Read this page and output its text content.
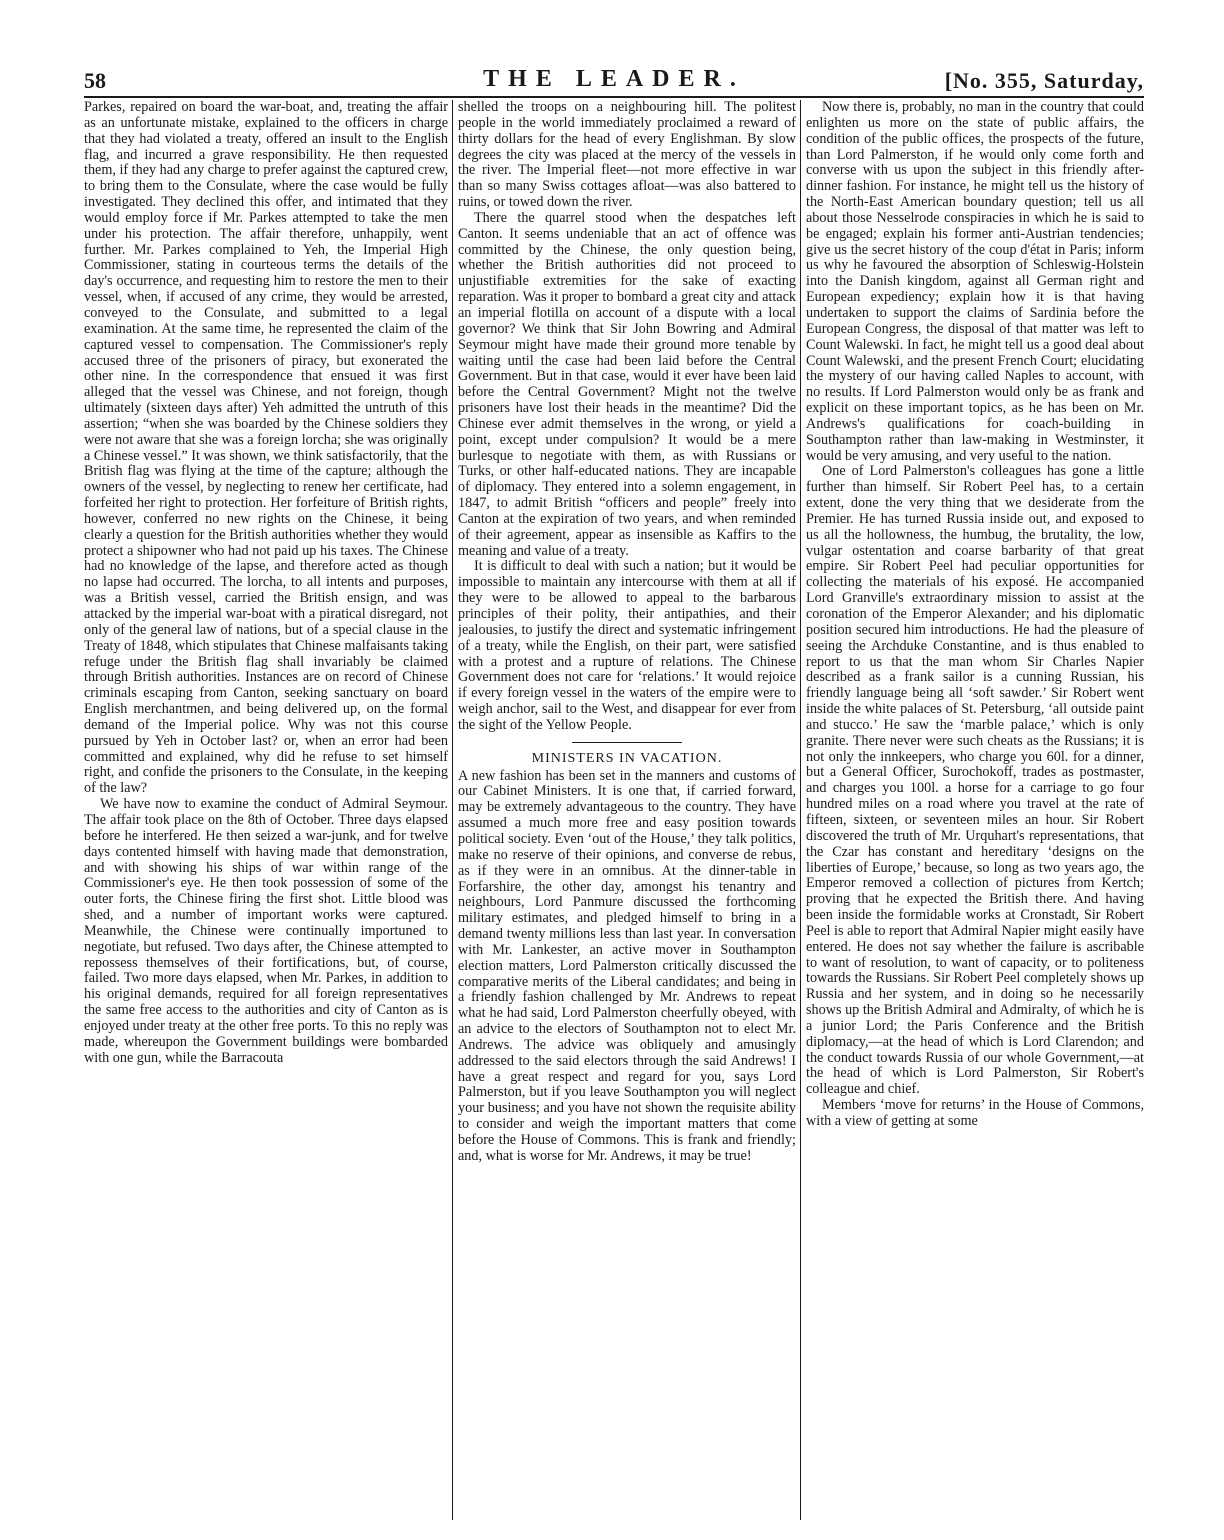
58	THE LEADER.	[No. 355, Saturday,

Parkes, repaired on board the war-boat, and, treating the affair as an unfortunate mistake, explained to the officers in charge that they had violated a treaty, offered an insult to the English flag, and incurred a grave responsibility. He then requested them, if they had any charge to prefer against the captured crew, to bring them to the Consulate, where the case would be fully investigated. They declined this offer, and intimated that they would employ force if Mr. Parkes attempted to take the men under his protection. The affair therefore, unhappily, went further. Mr. Parkes complained to Yeh, the Imperial High Commissioner, stating in courteous terms the details of the day's occurrence, and requesting him to restore the men to their vessel, when, if accused of any crime, they would be arrested, conveyed to the Consulate, and submitted to a legal examination. At the same time, he represented the claim of the captured vessel to compensation. The Commissioner's reply accused three of the prisoners of piracy, but exonerated the other nine. In the correspondence that ensued it was first alleged that the vessel was Chinese, and not foreign, though ultimately (sixteen days after) Yeh admitted the untruth of this assertion; “when she was boarded by the Chinese soldiers they were not aware that she was a foreign lorcha; she was originally a Chinese vessel.” It was shown, we think satisfactorily, that the British flag was flying at the time of the capture; although the owners of the vessel, by neglecting to renew her certificate, had forfeited her right to protection. Her forfeiture of British rights, however, conferred no new rights on the Chinese, it being clearly a question for the British authorities whether they would protect a shipowner who had not paid up his taxes. The Chinese had no knowledge of the lapse, and therefore acted as though no lapse had occurred. The lorcha, to all intents and purposes, was a British vessel, carried the British ensign, and was attacked by the imperial war-boat with a piratical disregard, not only of the general law of nations, but of a special clause in the Treaty of 1848, which stipulates that Chinese malfaisants taking refuge under the British flag shall invariably be claimed through British authorities. Instances are on record of Chinese criminals escaping from Canton, seeking sanctuary on board English merchantmen, and being delivered up, on the formal demand of the Imperial police. Why was not this course pursued by Yeh in October last? or, when an error had been committed and explained, why did he refuse to set himself right, and confide the prisoners to the Consulate, in the keeping of the law?

We have now to examine the conduct of Admiral Seymour. The affair took place on the 8th of October. Three days elapsed before he interfered. He then seized a war-junk, and for twelve days contented himself with having made that demonstration, and with showing his ships of war within range of the Commissioner's eye. He then took possession of some of the outer forts, the Chinese firing the first shot. Little blood was shed, and a number of important works were captured. Meanwhile, the Chinese were continually importuned to negotiate, but refused. Two days after, the Chinese attempted to repossess themselves of their fortifications, but, of course, failed. Two more days elapsed, when Mr. Parkes, in addition to his original demands, required for all foreign representatives the same free access to the authorities and city of Canton as is enjoyed under treaty at the other free ports. To this no reply was made, whereupon the Government buildings were bombarded with one gun, while the Barracouta

shelled the troops on a neighbouring hill. The politest people in the world immediately proclaimed a reward of thirty dollars for the head of every Englishman. By slow degrees the city was placed at the mercy of the vessels in the river. The Imperial fleet—not more effective in war than so many Swiss cottages afloat—was also battered to ruins, or towed down the river.

There the quarrel stood when the despatches left Canton. It seems undeniable that an act of offence was committed by the Chinese, the only question being, whether the British authorities did not proceed to unjustifiable extremities for the sake of exacting reparation. Was it proper to bombard a great city and attack an imperial flotilla on account of a dispute with a local governor? We think that Sir John Bowring and Admiral Seymour might have made their ground more tenable by waiting until the case had been laid before the Central Government. But in that case, would it ever have been laid before the Central Government? Might not the twelve prisoners have lost their heads in the meantime? Did the Chinese ever admit themselves in the wrong, or yield a point, except under compulsion? It would be a mere burlesque to negotiate with them, as with Russians or Turks, or other half-educated nations. They are incapable of diplomacy. They entered into a solemn engagement, in 1847, to admit British “officers and people” freely into Canton at the expiration of two years, and when reminded of their agreement, appear as insensible as Kaffirs to the meaning and value of a treaty.

It is difficult to deal with such a nation; but it would be impossible to maintain any intercourse with them at all if they were to be allowed to appeal to the barbarous principles of their polity, their antipathies, and their jealousies, to justify the direct and systematic infringement of a treaty, while the English, on their part, were satisfied with a protest and a rupture of relations. The Chinese Government does not care for ‘relations.’ It would rejoice if every foreign vessel in the waters of the empire were to weigh anchor, sail to the West, and disappear for ever from the sight of the Yellow People.

MINISTERS IN VACATION.

A new fashion has been set in the manners and customs of our Cabinet Ministers. It is one that, if carried forward, may be extremely advantageous to the country. They have assumed a much more free and easy position towards political society. Even ‘out of the House,’ they talk politics, make no reserve of their opinions, and converse de rebus, as if they were in an omnibus. At the dinner-table in Forfarshire, the other day, amongst his tenantry and neighbours, Lord Panmure discussed the forthcoming military estimates, and pledged himself to bring in a demand twenty millions less than last year. In conversation with Mr. Lankester, an active mover in Southampton election matters, Lord Palmerston critically discussed the comparative merits of the Liberal candidates; and being in a friendly fashion challenged by Mr. Andrews to repeat what he had said, Lord Palmerston cheerfully obeyed, with an advice to the electors of Southampton not to elect Mr. Andrews. The advice was obliquely and amusingly addressed to the said electors through the said Andrews! I have a great respect and regard for you, says Lord Palmerston, but if you leave Southampton you will neglect your business; and you have not shown the requisite ability to consider and weigh the important matters that come before the House of Commons. This is frank and friendly; and, what is worse for Mr. Andrews, it may be true!

Now there is, probably, no man in the country that could enlighten us more on the state of public affairs, the condition of the public offices, the prospects of the future, than Lord Palmerston, if he would only come forth and converse with us upon the subject in this friendly after-dinner fashion. For instance, he might tell us the history of the North-East American boundary question; tell us all about those Nesselrode conspiracies in which he is said to be engaged; explain his former anti-Austrian tendencies; give us the secret history of the coup d'état in Paris; inform us why he favoured the absorption of Schleswig-Holstein into the Danish kingdom, against all German right and European expediency; explain how it is that having undertaken to support the claims of Sardinia before the European Congress, the disposal of that matter was left to Count Walewski. In fact, he might tell us a good deal about Count Walewski, and the present French Court; elucidating the mystery of our having called Naples to account, with no results. If Lord Palmerston would only be as frank and explicit on these important topics, as he has been on Mr. Andrews's qualifications for coach-building in Southampton rather than law-making in Westminster, it would be very amusing, and very useful to the nation.

One of Lord Palmerston's colleagues has gone a little further than himself. Sir Robert Peel has, to a certain extent, done the very thing that we desiderate from the Premier. He has turned Russia inside out, and exposed to us all the hollowness, the humbug, the brutality, the low, vulgar ostentation and coarse barbarity of that great empire. Sir Robert Peel had peculiar opportunities for collecting the materials of his exposé. He accompanied Lord Granville's extraordinary mission to assist at the coronation of the Emperor Alexander; and his diplomatic position secured him introductions. He had the pleasure of seeing the Archduke Constantine, and is thus enabled to report to us that the man whom Sir Charles Napier described as a frank sailor is a cunning Russian, his friendly language being all ‘soft sawder.’ Sir Robert went inside the white palaces of St. Petersburg, ‘all outside paint and stucco.’ He saw the ‘marble palace,’ which is only granite. There never were such cheats as the Russians; it is not only the innkeepers, who charge you 60l. for a dinner, but a General Officer, Surochokoff, trades as postmaster, and charges you 100l. a horse for a carriage to go four hundred miles on a road where you travel at the rate of fifteen, sixteen, or seventeen miles an hour. Sir Robert discovered the truth of Mr. Urquhart's representations, that the Czar has constant and hereditary ‘designs on the liberties of Europe,’ because, so long as two years ago, the Emperor removed a collection of pictures from Kertch; proving that he expected the British there. And having been inside the formidable works at Cronstadt, Sir Robert Peel is able to report that Admiral Napier might easily have entered. He does not say whether the failure is ascribable to want of resolution, to want of capacity, or to politeness towards the Russians. Sir Robert Peel completely shows up Russia and her system, and in doing so he necessarily shows up the British Admiral and Admiralty, of which he is a junior Lord; the Paris Conference and the British diplomacy,—at the head of which is Lord Clarendon; and the conduct towards Russia of our whole Government,—at the head of which is Lord Palmerston, Sir Robert's colleague and chief.

Members ‘move for returns’ in the House of Commons, with a view of getting at some
